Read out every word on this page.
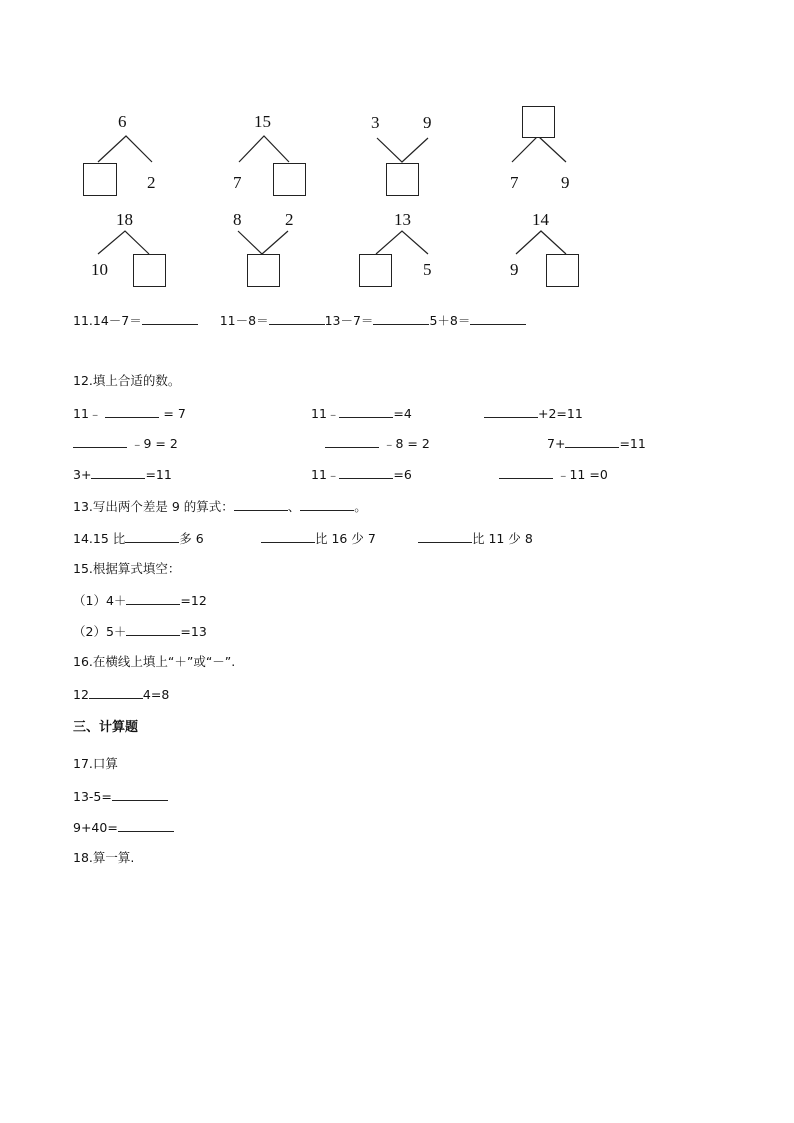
6
2
15
7
3	9
7	9
18
10
8	2	13
5
14
9
11.14－7＝	11－8＝	13－7＝	5＋8＝
12.填上合适的数。
11﹣	= 7	11﹣	=4	+2=11
﹣9 = 2	﹣8 = 2	7+	=11
3+	=11	11﹣	=6	﹣11 =0
13.写出两个差是 9 的算式：	、	。
14.15 比	多 6	比 16 少 7	比 11 少 8
15.根据算式填空：
（1）4＋	=12
（2）5＋	=13
16.在横线上填上“＋”或“－”.
12	4=8
三、计算题
17.口算
13-5=
9+40=
18.算一算.
